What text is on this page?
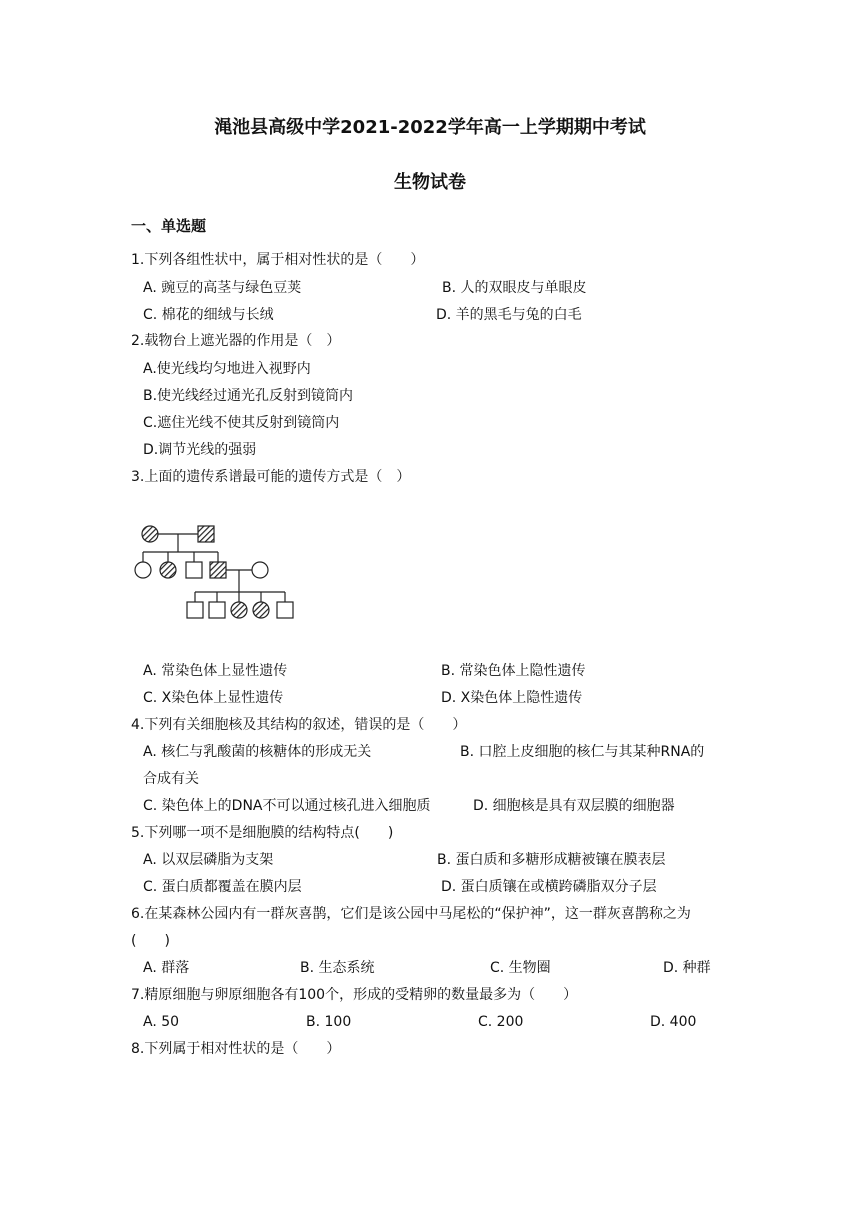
渑池县高级中学2021-2022学年高一上学期期中考试
生物试卷
一、单选题
1.下列各组性状中，属于相对性状的是（　　）
A. 豌豆的高茎与绿色豆荚	B. 人的双眼皮与单眼皮
C. 棉花的细绒与长绒	D. 羊的黑毛与兔的白毛
2.载物台上遮光器的作用是（　）
A.使光线均匀地进入视野内
B.使光线经过通光孔反射到镜筒内
C.遮住光线不使其反射到镜筒内
D.调节光线的强弱
3.上面的遗传系谱最可能的遗传方式是（　）
A. 常染色体上显性遗传	B. 常染色体上隐性遗传
C. X染色体上显性遗传	D. X染色体上隐性遗传
4.下列有关细胞核及其结构的叙述，错误的是（　　）
A. 核仁与乳酸菌的核糖体的形成无关	B. 口腔上皮细胞的核仁与其某种RNA的
合成有关
C. 染色体上的DNA不可以通过核孔进入细胞质	D. 细胞核是具有双层膜的细胞器
5.下列哪一项不是细胞膜的结构特点(　　)
A. 以双层磷脂为支架	B. 蛋白质和多糖形成糖被镶在膜表层
C. 蛋白质都覆盖在膜内层	D. 蛋白质镶在或横跨磷脂双分子层
6.在某森林公园内有一群灰喜鹊，它们是该公园中马尾松的“保护神”，这一群灰喜鹊称之为
(　　)
A. 群落	B. 生态系统	C. 生物圈	D. 种群
7.精原细胞与卵原细胞各有100个，形成的受精卵的数量最多为（　　）
A. 50	B. 100	C. 200	D. 400
8.下列属于相对性状的是（　　）
